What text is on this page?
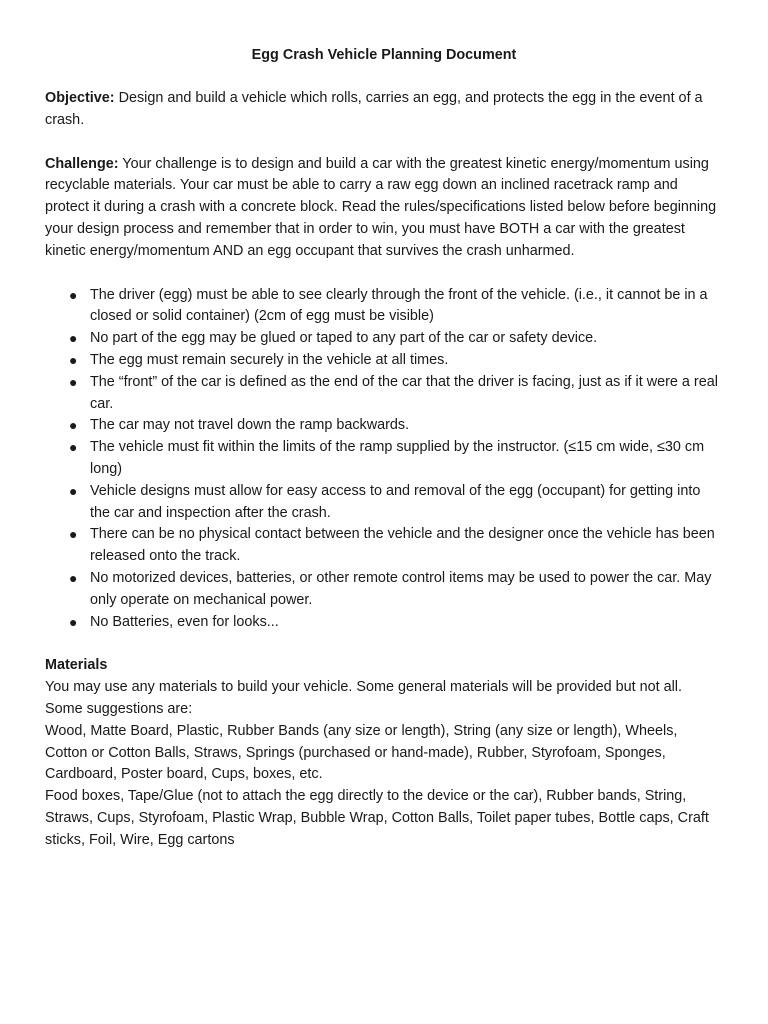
Egg Crash Vehicle Planning Document

Objective: Design and build a vehicle which rolls, carries an egg, and protects the egg in the event of a crash.

Challenge: Your challenge is to design and build a car with the greatest kinetic energy/momentum using recyclable materials. Your car must be able to carry a raw egg down an inclined racetrack ramp and protect it during a crash with a concrete block. Read the rules/specifications listed below before beginning your design process and remember that in order to win, you must have BOTH a car with the greatest kinetic energy/momentum AND an egg occupant that survives the crash unharmed.

● The driver (egg) must be able to see clearly through the front of the vehicle. (i.e., it cannot be in a closed or solid container) (2cm of egg must be visible)
● No part of the egg may be glued or taped to any part of the car or safety device.
● The egg must remain securely in the vehicle at all times.
● The “front” of the car is defined as the end of the car that the driver is facing, just as if it were a real car.
● The car may not travel down the ramp backwards.
● The vehicle must fit within the limits of the ramp supplied by the instructor. (≤15 cm wide, ≤30 cm long)
● Vehicle designs must allow for easy access to and removal of the egg (occupant) for getting into the car and inspection after the crash.
● There can be no physical contact between the vehicle and the designer once the vehicle has been released onto the track.
● No motorized devices, batteries, or other remote control items may be used to power the car. May only operate on mechanical power.
● No Batteries, even for looks...

Materials

You may use any materials to build your vehicle. Some general materials will be provided but not all.

Some suggestions are:

Wood, Matte Board, Plastic, Rubber Bands (any size or length), String (any size or length), Wheels, Cotton or Cotton Balls, Straws, Springs (purchased or hand-made), Rubber, Styrofoam, Sponges, Cardboard, Poster board, Cups, boxes, etc.

Food boxes, Tape/Glue (not to attach the egg directly to the device or the car), Rubber bands, String, Straws, Cups, Styrofoam, Plastic Wrap, Bubble Wrap, Cotton Balls, Toilet paper tubes, Bottle caps, Craft sticks, Foil, Wire, Egg cartons
